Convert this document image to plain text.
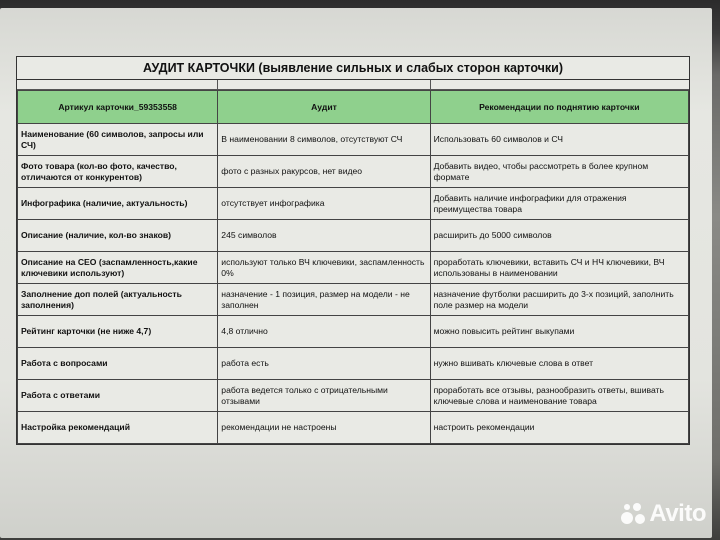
АУДИТ КАРТОЧКИ (выявление сильных и слабых сторон карточки)
Артикул карточки_59353558	Аудит	Рекомендации по поднятию карточки
Наименование (60 символов, запросы или СЧ)	В наименовании 8 символов, отсутствуют СЧ	Использовать 60 символов и СЧ
Фото товара (кол-во фото, качество, отличаются от конкурентов)	фото с разных ракурсов, нет видео	Добавить видео, чтобы рассмотреть в более крупном формате
Инфографика (наличие, актуальность)	отсутствует инфографика	Добавить наличие инфографики для отражения преимущества товара
Описание (наличие, кол-во знаков)	245 символов	расширить до 5000 символов
Описание на СЕО (заспамленность,какие ключевики используют)	используют только ВЧ ключевики, заспамленность 0%	проработать ключевики, вставить СЧ и НЧ ключевики, ВЧ использованы в наименовании
Заполнение доп полей (актуальность заполнения)	назначение - 1 позиция, размер на модели - не заполнен	назначение футболки расширить до 3-х позиций, заполнить поле размер на модели
Рейтинг карточки (не ниже 4,7)	4,8 отлично	можно повысить рейтинг выкупами
Работа с вопросами	работа есть	нужно вшивать ключевые слова в ответ
Работа с ответами	работа ведется только с отрицательными отзывами	проработать все отзывы, разнообразить ответы, вшивать ключевые слова и наименование товара
Настройка рекомендаций	рекомендации не настроены	настроить рекомендации
Avito
